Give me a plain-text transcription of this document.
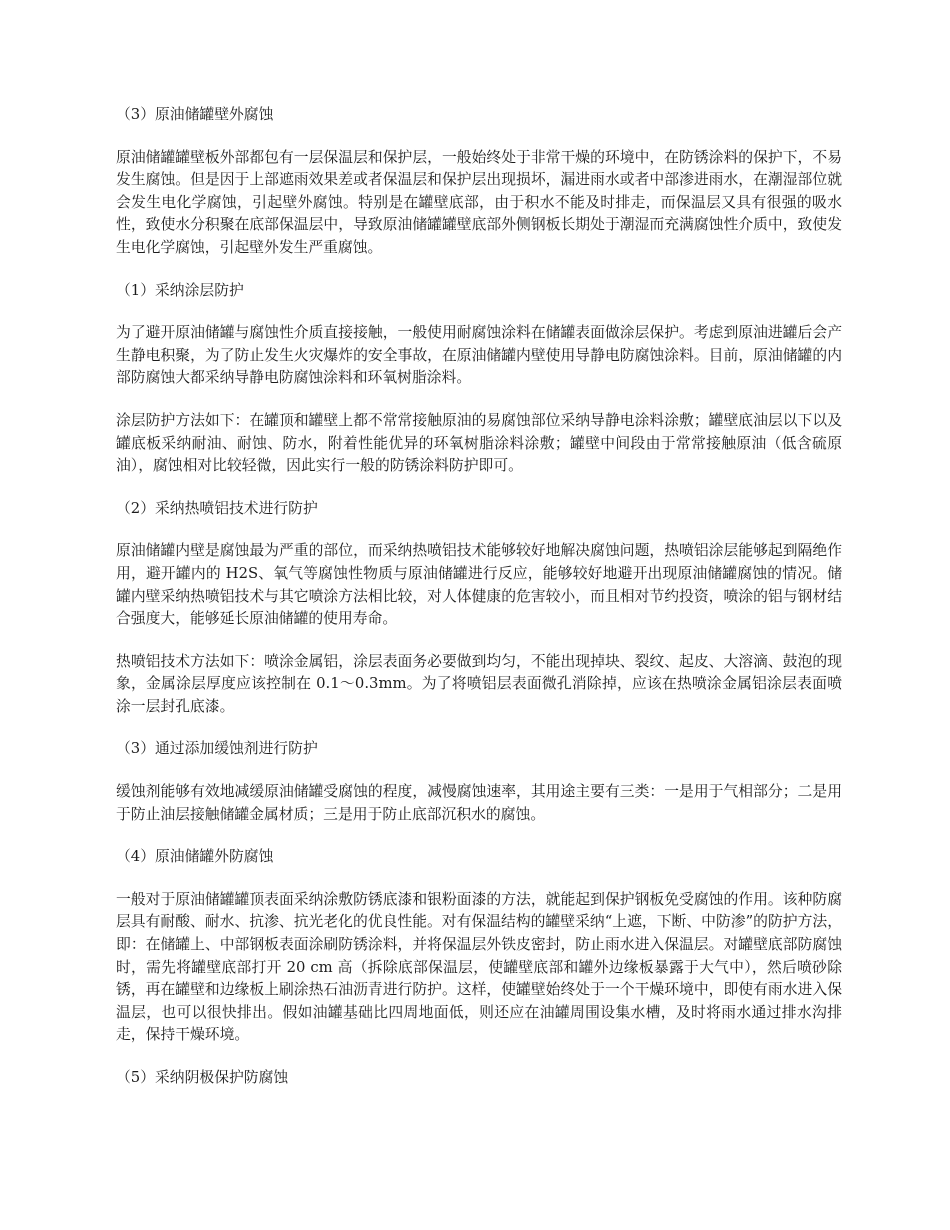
（3）原油储罐壁外腐蚀

原油储罐罐壁板外部都包有一层保温层和保护层，一般始终处于非常干燥的环境中，在防锈涂料的保护下，不易发生腐蚀。但是因于上部遮雨效果差或者保温层和保护层出现损坏，漏进雨水或者中部渗进雨水，在潮湿部位就会发生电化学腐蚀，引起壁外腐蚀。特别是在罐壁底部，由于积水不能及时排走，而保温层又具有很强的吸水性，致使水分积聚在底部保温层中，导致原油储罐罐壁底部外侧钢板长期处于潮湿而充满腐蚀性介质中，致使发生电化学腐蚀，引起壁外发生严重腐蚀。

（1）采纳涂层防护

为了避开原油储罐与腐蚀性介质直接接触，一般使用耐腐蚀涂料在储罐表面做涂层保护。考虑到原油进罐后会产生静电积聚，为了防止发生火灾爆炸的安全事故，在原油储罐内壁使用导静电防腐蚀涂料。目前，原油储罐的内部防腐蚀大都采纳导静电防腐蚀涂料和环氧树脂涂料。

涂层防护方法如下：在罐顶和罐壁上都不常常接触原油的易腐蚀部位采纳导静电涂料涂敷；罐壁底油层以下以及罐底板采纳耐油、耐蚀、防水，附着性能优异的环氧树脂涂料涂敷；罐壁中间段由于常常接触原油（低含硫原油），腐蚀相对比较轻微，因此实行一般的防锈涂料防护即可。

（2）采纳热喷铝技术进行防护

原油储罐内壁是腐蚀最为严重的部位，而采纳热喷铝技术能够较好地解决腐蚀问题，热喷铝涂层能够起到隔绝作用，避开罐内的 H2S、氧气等腐蚀性物质与原油储罐进行反应，能够较好地避开出现原油储罐腐蚀的情况。储罐内壁采纳热喷铝技术与其它喷涂方法相比较，对人体健康的危害较小，而且相对节约投资，喷涂的铝与钢材结合强度大，能够延长原油储罐的使用寿命。

热喷铝技术方法如下：喷涂金属铝，涂层表面务必要做到均匀，不能出现掉块、裂纹、起皮、大溶滴、鼓泡的现象，金属涂层厚度应该控制在 0.1～0.3mm。为了将喷铝层表面微孔消除掉，应该在热喷涂金属铝涂层表面喷涂一层封孔底漆。

（3）通过添加缓蚀剂进行防护

缓蚀剂能够有效地减缓原油储罐受腐蚀的程度，减慢腐蚀速率，其用途主要有三类：一是用于气相部分；二是用于防止油层接触储罐金属材质；三是用于防止底部沉积水的腐蚀。

（4）原油储罐外防腐蚀

一般对于原油储罐罐顶表面采纳涂敷防锈底漆和银粉面漆的方法，就能起到保护钢板免受腐蚀的作用。该种防腐层具有耐酸、耐水、抗渗、抗光老化的优良性能。对有保温结构的罐壁采纳“上遮，下断、中防渗”的防护方法，即：在储罐上、中部钢板表面涂刷防锈涂料，并将保温层外铁皮密封，防止雨水进入保温层。对罐壁底部防腐蚀时，需先将罐壁底部打开 20 cm 高（拆除底部保温层，使罐壁底部和罐外边缘板暴露于大气中），然后喷砂除锈，再在罐壁和边缘板上刷涂热石油沥青进行防护。这样，使罐壁始终处于一个干燥环境中，即使有雨水进入保温层，也可以很快排出。假如油罐基础比四周地面低，则还应在油罐周围设集水槽，及时将雨水通过排水沟排走，保持干燥环境。

（5）采纳阴极保护防腐蚀
